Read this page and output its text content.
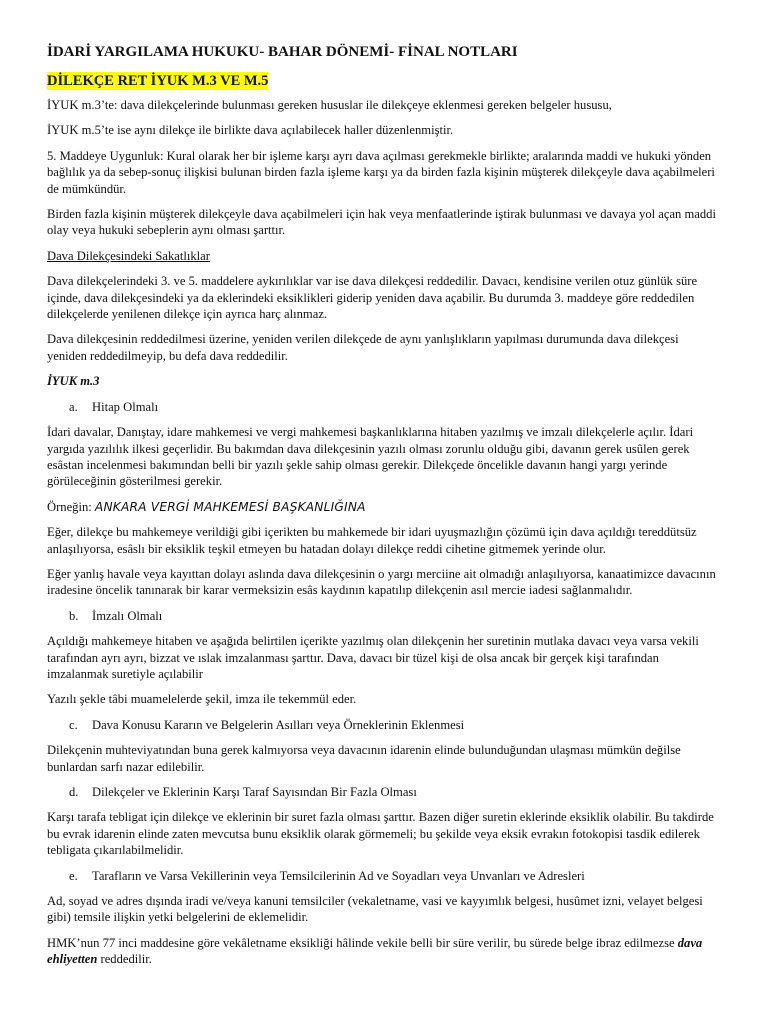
İDARİ YARGILAMA HUKUKU- BAHAR DÖNEMİ- FİNAL NOTLARI
DİLEKÇE RET İYUK M.3 VE M.5

İYUK m.3’te: dava dilekçelerinde bulunması gereken hususlar ile dilekçeye eklenmesi gereken belgeler hususu,

İYUK m.5’te ise aynı dilekçe ile birlikte dava açılabilecek haller düzenlenmiştir.

5. Maddeye Uygunluk: Kural olarak her bir işleme karşı ayrı dava açılması gerekmekle birlikte; aralarında maddi ve hukuki yönden bağlılık ya da sebep-sonuç ilişkisi bulunan birden fazla işleme karşı ya da birden fazla kişinin müşterek dilekçeyle dava açabilmeleri de mümkündür.

Birden fazla kişinin müşterek dilekçeyle dava açabilmeleri için hak veya menfaatlerinde iştirak bulunması ve davaya yol açan maddi olay veya hukuki sebeplerin aynı olması şarttır.

Dava Dilekçesindeki Sakatlıklar

Dava dilekçelerindeki 3. ve 5. maddelere aykırılıklar var ise dava dilekçesi reddedilir. Davacı, kendisine verilen otuz günlük süre içinde, dava dilekçesindeki ya da eklerindeki eksiklikleri giderip yeniden dava açabilir. Bu durumda 3. maddeye göre reddedilen dilekçelerde yenilenen dilekçe için ayrıca harç alınmaz.

Dava dilekçesinin reddedilmesi üzerine, yeniden verilen dilekçede de aynı yanlışlıkların yapılması durumunda dava dilekçesi yeniden reddedilmeyip, bu defa dava reddedilir.

İYUK m.3

a.	Hitap Olmalı

İdari davalar, Danıştay, idare mahkemesi ve vergi mahkemesi başkanlıklarına hitaben yazılmış ve imzalı dilekçelerle açılır. İdari yargıda yazılılık ilkesi geçerlidir. Bu bakımdan dava dilekçesinin yazılı olması zorunlu olduğu gibi, davanın gerek usûlen gerek esâstan incelenmesi bakımından belli bir yazılı şekle sahip olması gerekir. Dilekçede öncelikle davanın hangi yargı yerinde görüleceğinin gösterilmesi gerekir.

Örneğin: ANKARA VERGİ MAHKEMESİ BAŞKANLIĞINA

Eğer, dilekçe bu mahkemeye verildiği gibi içerikten bu mahkemede bir idari uyuşmazlığın çözümü için dava açıldığı tereddütsüz anlaşılıyorsa, esâslı bir eksiklik teşkil etmeyen bu hatadan dolayı dilekçe reddi cihetine gitmemek yerinde olur.

Eğer yanlış havale veya kayıttan dolayı aslında dava dilekçesinin o yargı merciine ait olmadığı anlaşılıyorsa, kanaatimizce davacının iradesine öncelik tanınarak bir karar vermeksizin esâs kaydının kapatılıp dilekçenin asıl mercie iadesi sağlanmalıdır.

b.	İmzalı Olmalı

Açıldığı mahkemeye hitaben ve aşağıda belirtilen içerikte yazılmış olan dilekçenin her suretinin mutlaka davacı veya varsa vekili tarafından ayrı ayrı, bizzat ve ıslak imzalanması şarttır. Dava, davacı bir tüzel kişi de olsa ancak bir gerçek kişi tarafından imzalanmak suretiyle açılabilir

Yazılı şekle tâbi muamelelerde şekil, imza ile tekemmül eder.

c.	Dava Konusu Kararın ve Belgelerin Asılları veya Örneklerinin Eklenmesi

Dilekçenin muhteviyatından buna gerek kalmıyorsa veya davacının idarenin elinde bulunduğundan ulaşması mümkün değilse bunlardan sarfı nazar edilebilir.

d.	Dilekçeler ve Eklerinin Karşı Taraf Sayısından Bir Fazla Olması

Karşı tarafa tebligat için dilekçe ve eklerinin bir suret fazla olması şarttır. Bazen diğer suretin eklerinde eksiklik olabilir. Bu takdirde bu evrak idarenin elinde zaten mevcutsa bunu eksiklik olarak görmemeli; bu şekilde veya eksik evrakın fotokopisi tasdik edilerek tebligata çıkarılabilmelidir.

e.	Tarafların ve Varsa Vekillerinin veya Temsilcilerinin Ad ve Soyadları veya Unvanları ve Adresleri

Ad, soyad ve adres dışında iradi ve/veya kanuni temsilciler (vekaletname, vasi ve kayyımlık belgesi, husûmet izni, velayet belgesi gibi) temsile ilişkin yetki belgelerini de eklemelidir.

HMK’nun 77 inci maddesine göre vekâletname eksikliği hâlinde vekile belli bir süre verilir, bu sürede belge ibraz edilmezse dava ehliyetten reddedilir.
